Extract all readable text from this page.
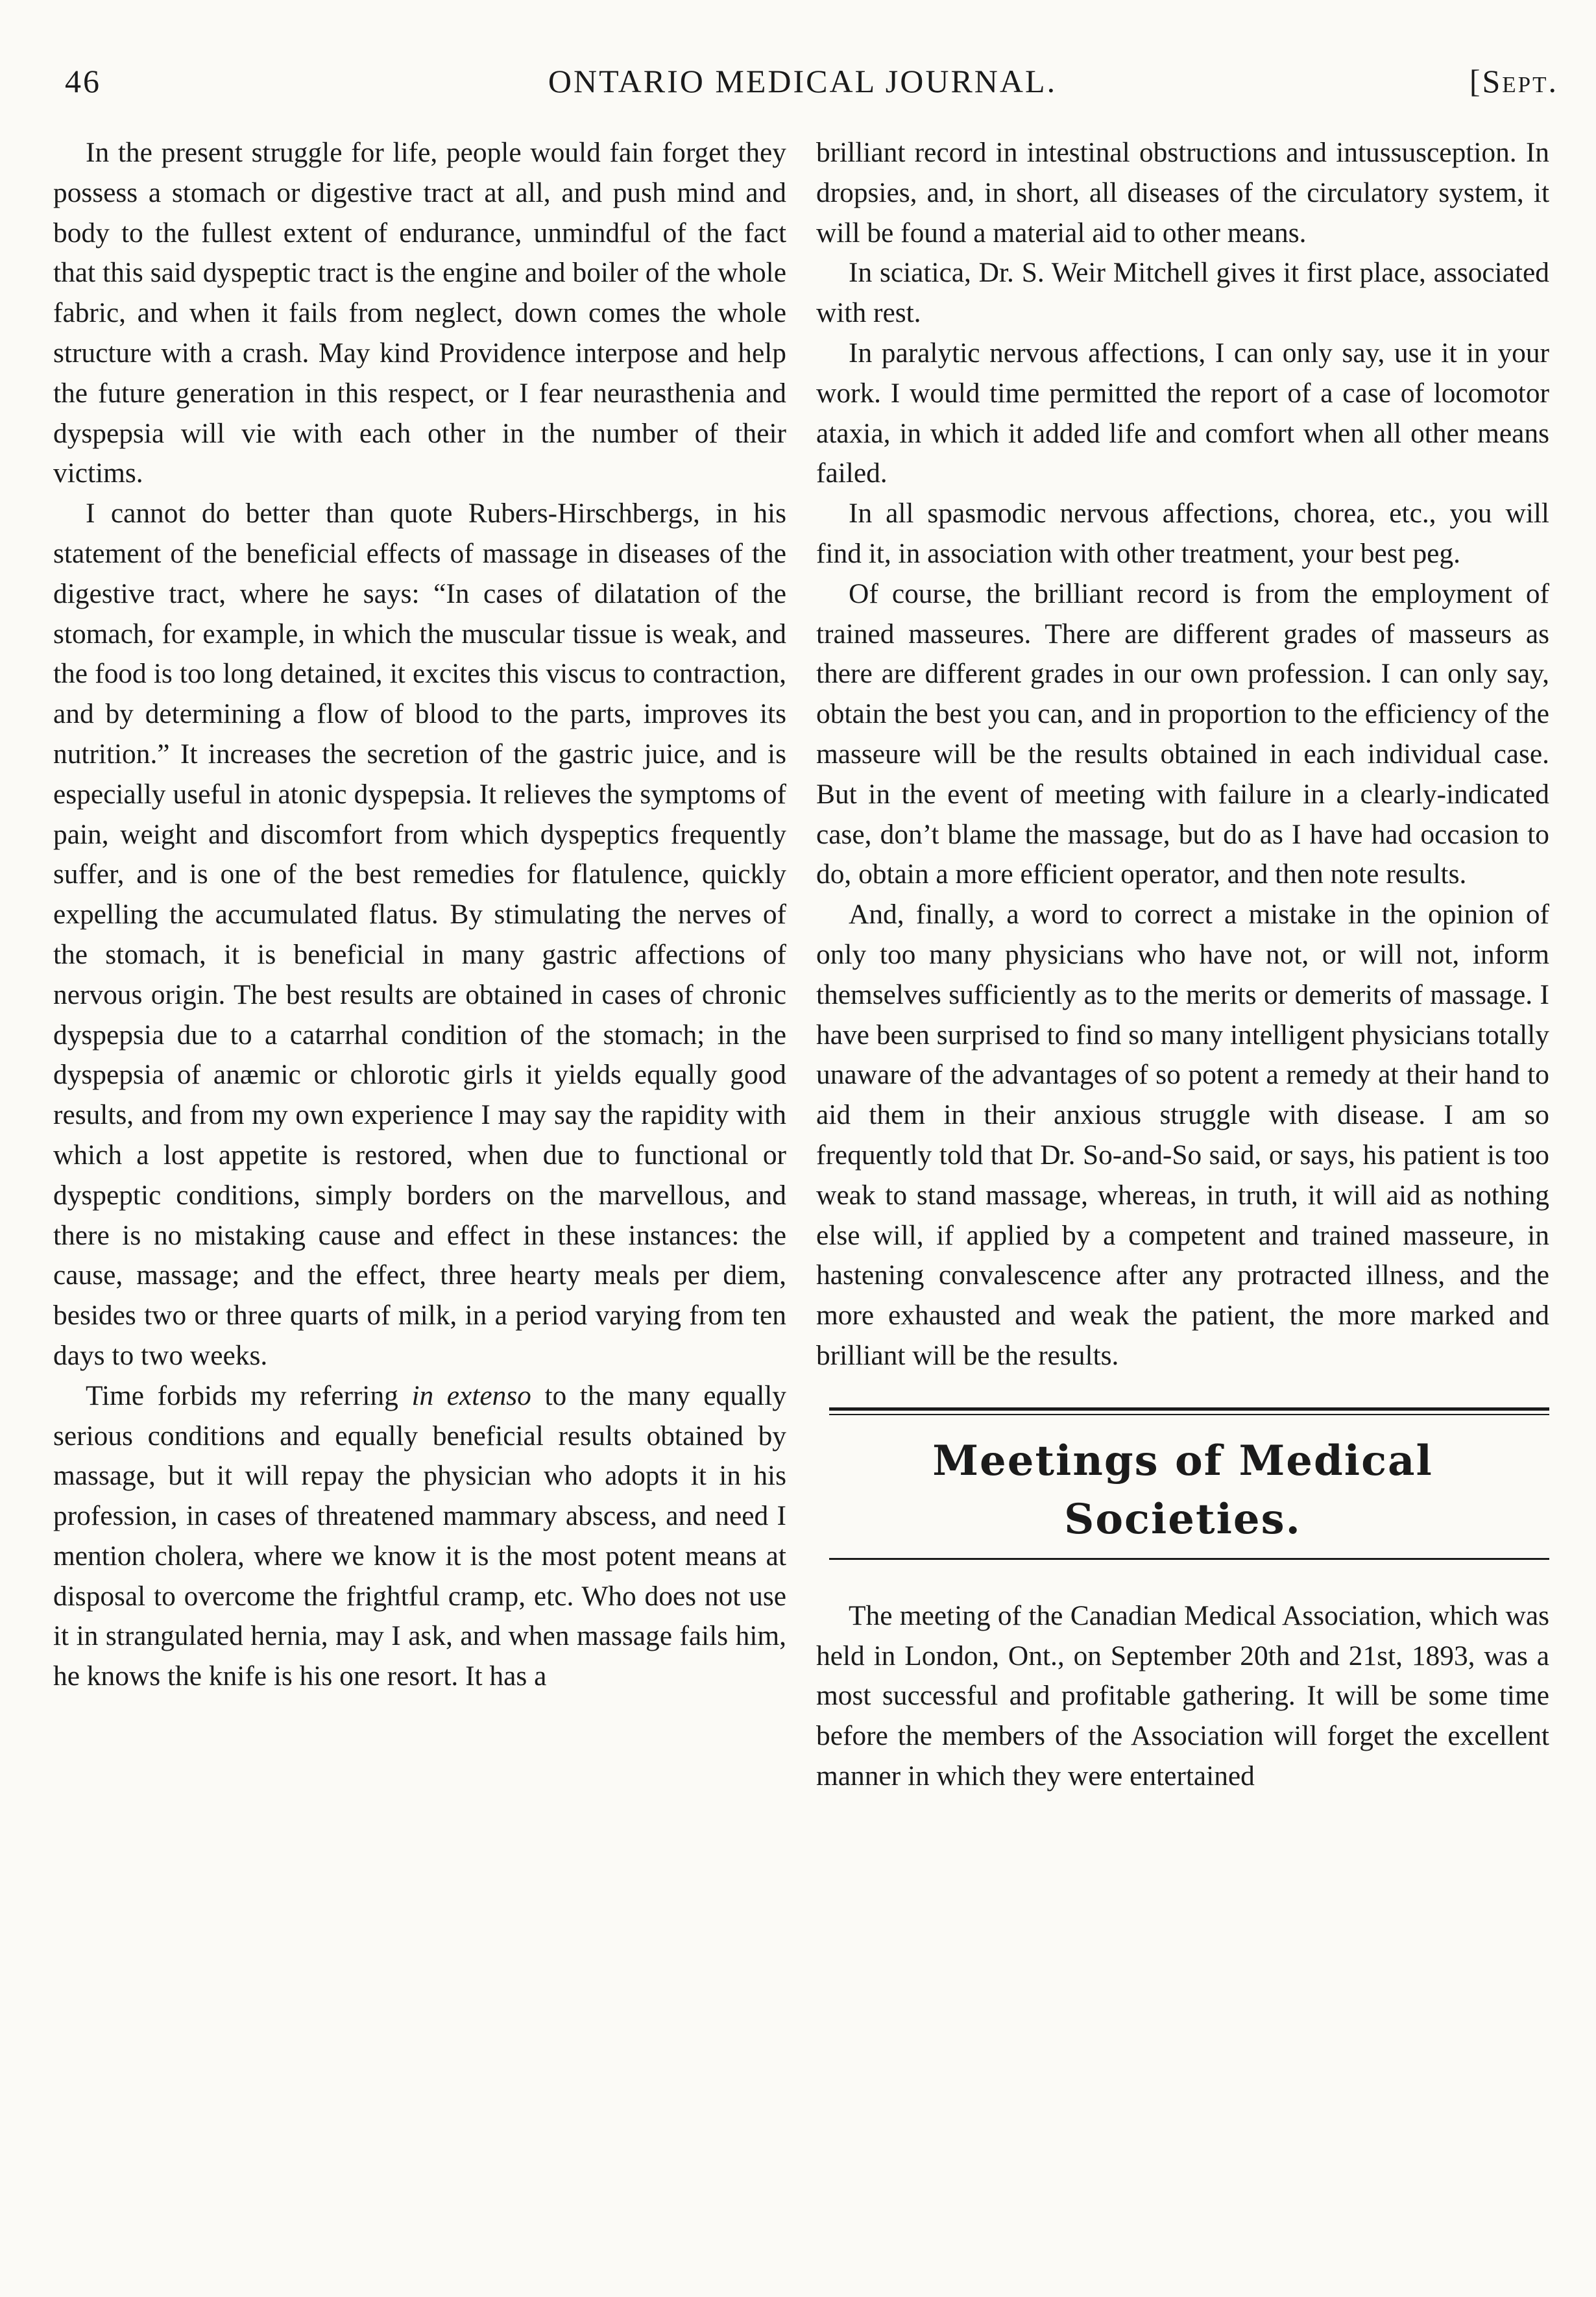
46	ONTARIO MEDICAL JOURNAL.	[Sept.

In the present struggle for life, people would fain forget they possess a stomach or digestive tract at all, and push mind and body to the fullest extent of endurance, unmindful of the fact that this said dyspeptic tract is the engine and boiler of the whole fabric, and when it fails from neglect, down comes the whole structure with a crash. May kind Providence interpose and help the future generation in this respect, or I fear neurasthenia and dyspepsia will vie with each other in the number of their victims.

I cannot do better than quote Rubers-Hirschbergs, in his statement of the beneficial effects of massage in diseases of the digestive tract, where he says: “In cases of dilatation of the stomach, for example, in which the muscular tissue is weak, and the food is too long detained, it excites this viscus to contraction, and by determining a flow of blood to the parts, improves its nutrition.” It increases the secretion of the gastric juice, and is especially useful in atonic dyspepsia. It relieves the symptoms of pain, weight and discomfort from which dyspeptics frequently suffer, and is one of the best remedies for flatulence, quickly expelling the accumulated flatus. By stimulating the nerves of the stomach, it is beneficial in many gastric affections of nervous origin. The best results are obtained in cases of chronic dyspepsia due to a catarrhal condition of the stomach; in the dyspepsia of anæmic or chlorotic girls it yields equally good results, and from my own experience I may say the rapidity with which a lost appetite is restored, when due to functional or dyspeptic conditions, simply borders on the marvellous, and there is no mistaking cause and effect in these instances: the cause, massage; and the effect, three hearty meals per diem, besides two or three quarts of milk, in a period varying from ten days to two weeks.

Time forbids my referring in extenso to the many equally serious conditions and equally beneficial results obtained by massage, but it will repay the physician who adopts it in his profession, in cases of threatened mammary abscess, and need I mention cholera, where we know it is the most potent means at disposal to overcome the frightful cramp, etc. Who does not use it in strangulated hernia, may I ask, and when massage fails him, he knows the knife is his one resort. It has a

brilliant record in intestinal obstructions and intussusception. In dropsies, and, in short, all diseases of the circulatory system, it will be found a material aid to other means.

In sciatica, Dr. S. Weir Mitchell gives it first place, associated with rest.

In paralytic nervous affections, I can only say, use it in your work. I would time permitted the report of a case of locomotor ataxia, in which it added life and comfort when all other means failed.

In all spasmodic nervous affections, chorea, etc., you will find it, in association with other treatment, your best peg.

Of course, the brilliant record is from the employment of trained masseures. There are different grades of masseurs as there are different grades in our own profession. I can only say, obtain the best you can, and in proportion to the efficiency of the masseure will be the results obtained in each individual case. But in the event of meeting with failure in a clearly-indicated case, don’t blame the massage, but do as I have had occasion to do, obtain a more efficient operator, and then note results.

And, finally, a word to correct a mistake in the opinion of only too many physicians who have not, or will not, inform themselves sufficiently as to the merits or demerits of massage. I have been surprised to find so many intelligent physicians totally unaware of the advantages of so potent a remedy at their hand to aid them in their anxious struggle with disease. I am so frequently told that Dr. So-and-So said, or says, his patient is too weak to stand massage, whereas, in truth, it will aid as nothing else will, if applied by a competent and trained masseure, in hastening convalescence after any protracted illness, and the more exhausted and weak the patient, the more marked and brilliant will be the results.

Meetings of Medical Societies.

The meeting of the Canadian Medical Association, which was held in London, Ont., on September 20th and 21st, 1893, was a most successful and profitable gathering. It will be some time before the members of the Association will forget the excellent manner in which they were entertained
